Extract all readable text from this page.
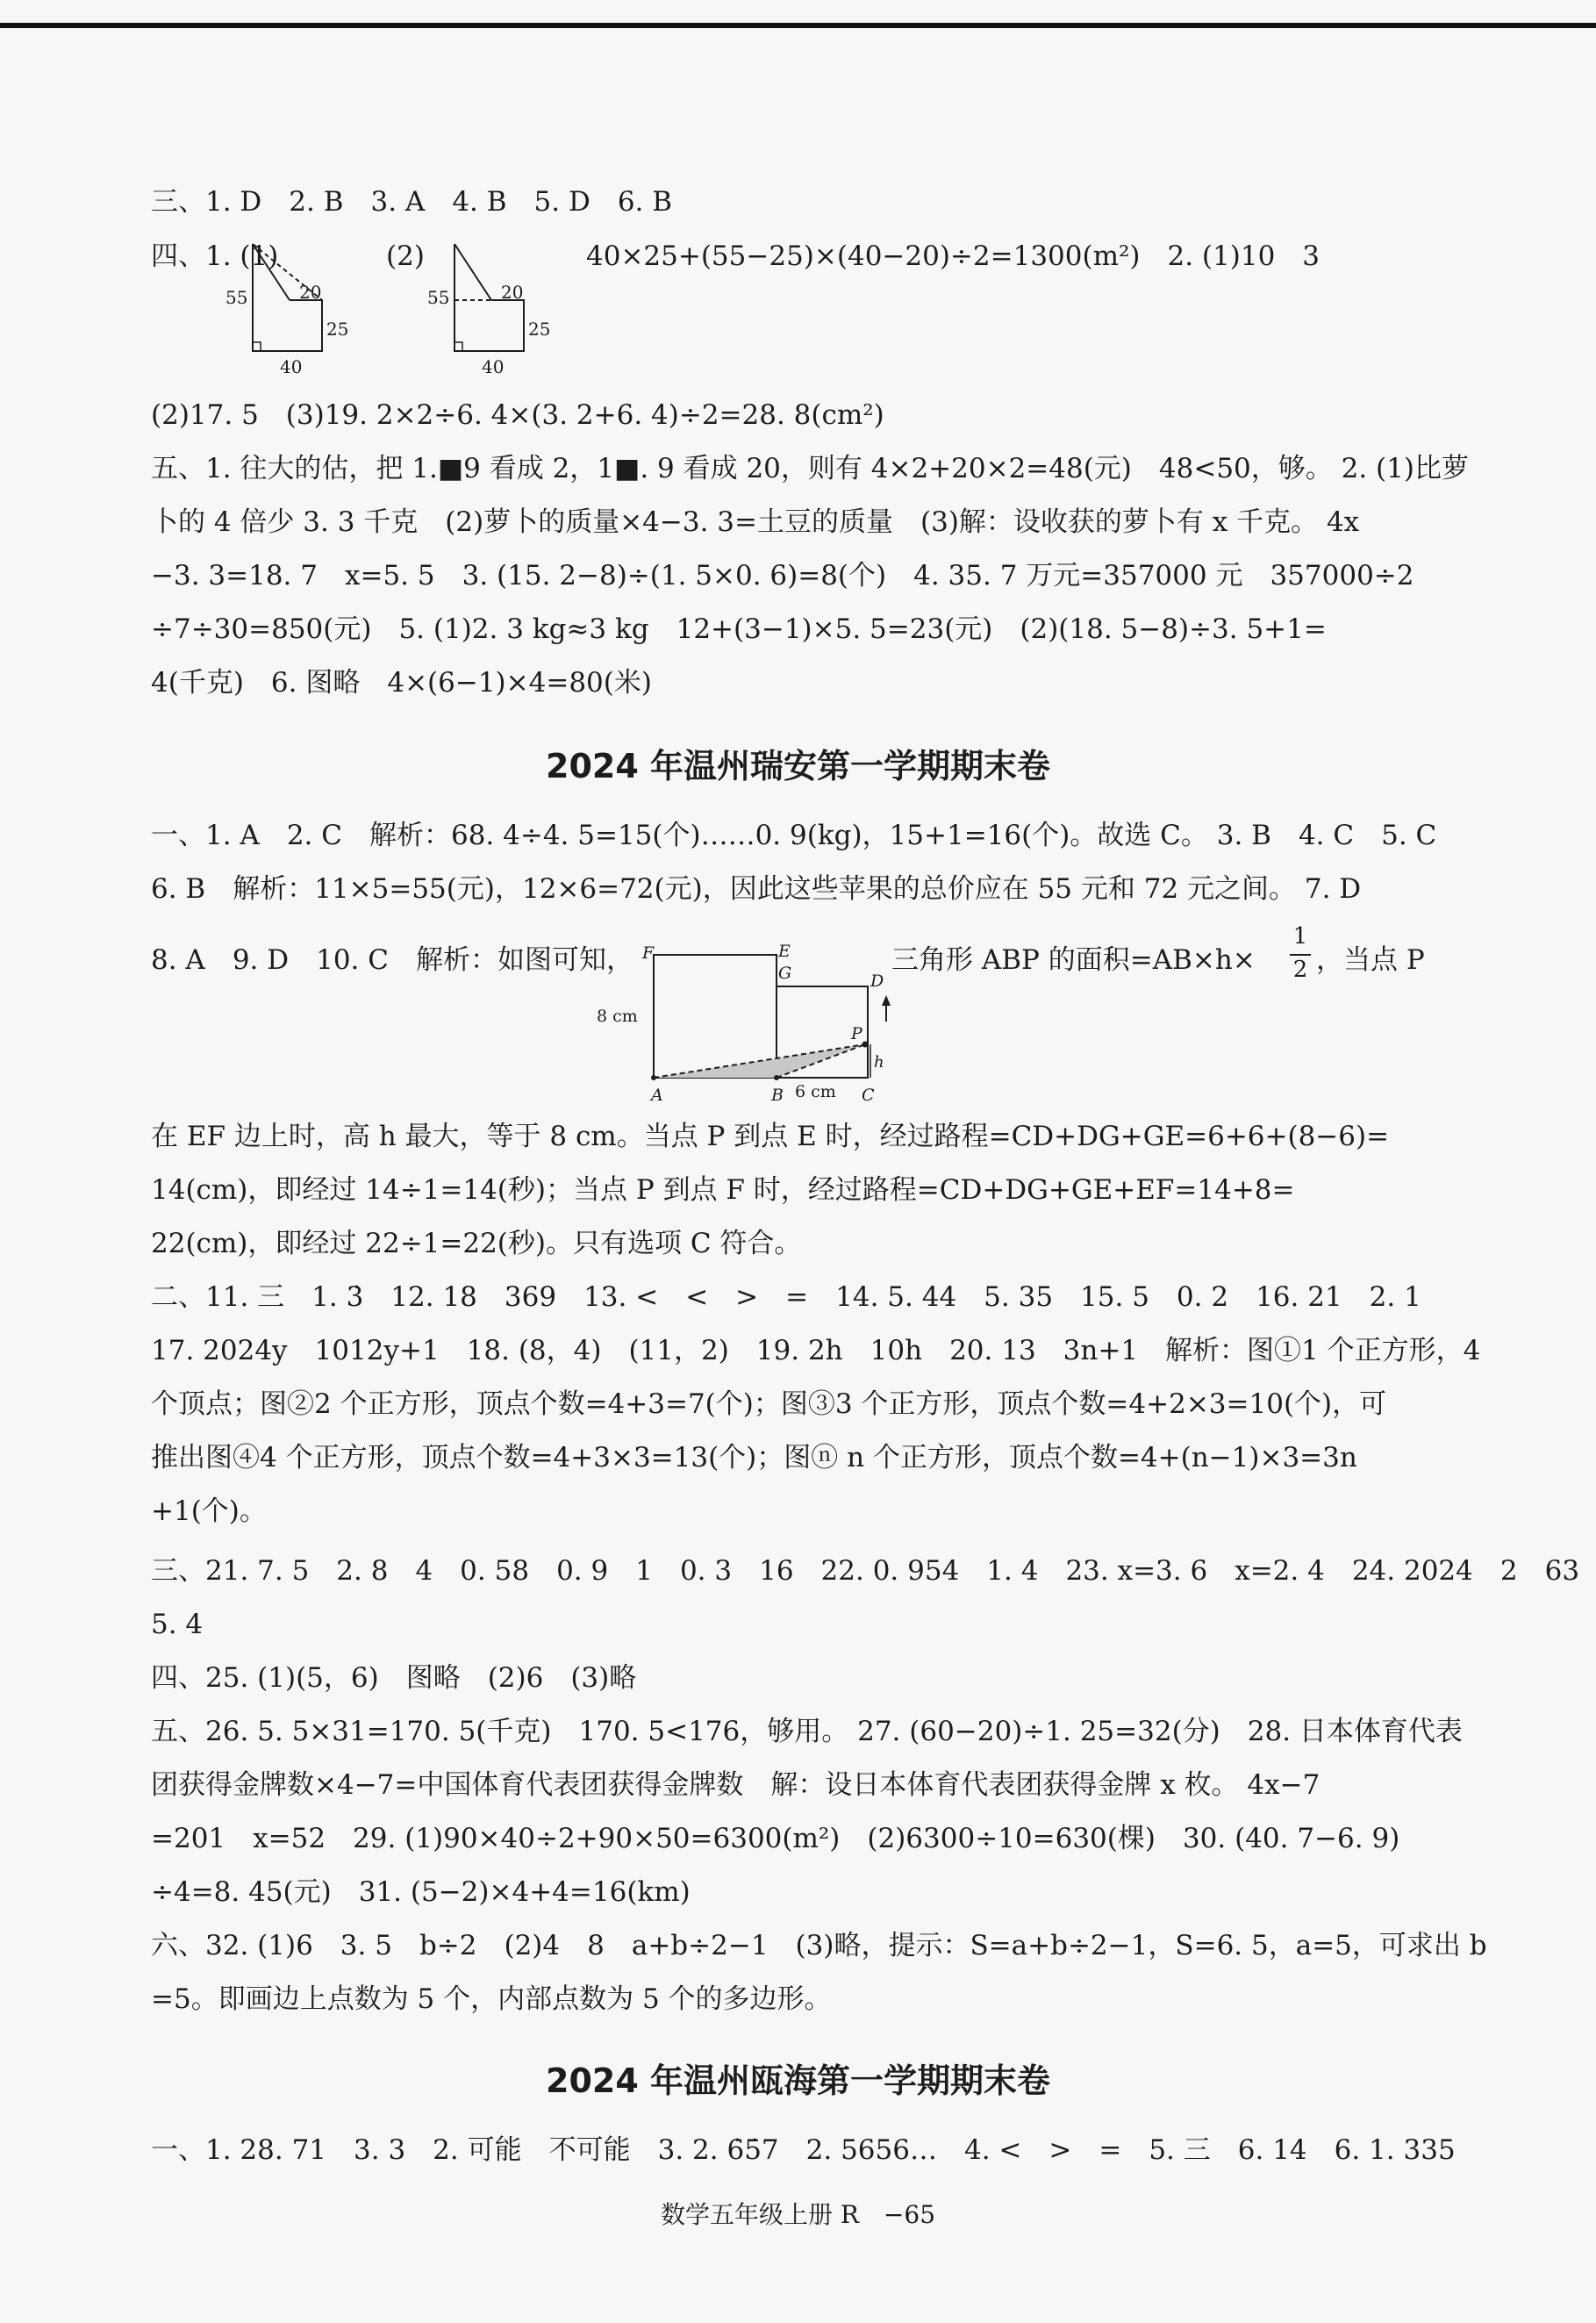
三、1. D　2. B　3. A　4. B　5. D　6. B
四、1. (1)	(2)	40×25+(55−25)×(40−20)÷2=1300(m²)　2. (1)10　3
55	20
25
40
55	20
25
40
(2)17. 5　(3)19. 2×2÷6. 4×(3. 2+6. 4)÷2=28. 8(cm²)
五、1. 往大的估，把 1.■9 看成 2，1■. 9 看成 20，则有 4×2+20×2=48(元)　48<50，够。 2. (1)比萝
卜的 4 倍少 3. 3 千克　(2)萝卜的质量×4−3. 3=土豆的质量　(3)解：设收获的萝卜有 x 千克。 4x
−3. 3=18. 7　x=5. 5　3. (15. 2−8)÷(1. 5×0. 6)=8(个)　4. 35. 7 万元=357000 元　357000÷2
÷7÷30=850(元)　5. (1)2. 3 kg≈3 kg　12+(3−1)×5. 5=23(元)　(2)(18. 5−8)÷3. 5+1=
4(千克)　6. 图略　4×(6−1)×4=80(米)
2024 年温州瑞安第一学期期末卷
一、1. A　2. C　解析：68. 4÷4. 5=15(个)……0. 9(kg)，15+1=16(个)。故选 C。 3. B　4. C　5. C
6. B　解析：11×5=55(元)，12×6=72(元)，因此这些苹果的总价应在 55 元和 72 元之间。 7. D
8. A　9. D　10. C　解析：如图可知， F	E
G	D
P
h
A	B	C
8 cm
6 cm
三角形 ABP 的面积=AB×h×
1
2 ，当点 P
在 EF 边上时，高 h 最大，等于 8 cm。当点 P 到点 E 时，经过路程=CD+DG+GE=6+6+(8−6)=
14(cm)，即经过 14÷1=14(秒)；当点 P 到点 F 时，经过路程=CD+DG+GE+EF=14+8=
22(cm)，即经过 22÷1=22(秒)。只有选项 C 符合。
二、11. 三　1. 3̇　12. 18　369　13. <　<　>　=　14. 5. 44　5. 35　15. 5　0. 2　16. 21　2. 1
17. 2024y　1012y+1　18. (8，4)　(11，2)　19. 2h　10h　20. 13　3n+1　解析：图①1 个正方形，4
个顶点；图②2 个正方形，顶点个数=4+3=7(个)；图③3 个正方形，顶点个数=4+2×3=10(个)，可
推出图④4 个正方形，顶点个数=4+3×3=13(个)；图ⓝ n 个正方形，顶点个数=4+(n−1)×3=3n
+1(个)。
三、21. 7. 5　2. 8　4　0. 58　0. 9　1　0. 3　16　22. 0. 954　1. 4　23. x=3. 6　x=2. 4　24. 2024　2　63
5. 4
四、25. (1)(5，6)　图略　(2)6　(3)略
五、26. 5. 5×31=170. 5(千克)　170. 5<176，够用。 27. (60−20)÷1. 25=32(分)　28. 日本体育代表
团获得金牌数×4−7=中国体育代表团获得金牌数　解：设日本体育代表团获得金牌 x 枚。 4x−7
=201　x=52　29. (1)90×40÷2+90×50=6300(m²)　(2)6300÷10=630(棵)　30. (40. 7−6. 9)
÷4=8. 45(元)　31. (5−2)×4+4=16(km)
六、32. (1)6　3. 5　b÷2　(2)4　8　a+b÷2−1　(3)略，提示：S=a+b÷2−1，S=6. 5，a=5，可求出 b
=5。即画边上点数为 5 个，内部点数为 5 个的多边形。
2024 年温州瓯海第一学期期末卷
一、1. 28. 71　3. 3　2. 可能　不可能　3. 2. 6̇5̇7　2. 5656…　4. <　>　=　5. 三　6. 14　6. 1. 335
数学五年级上册 R　−65
